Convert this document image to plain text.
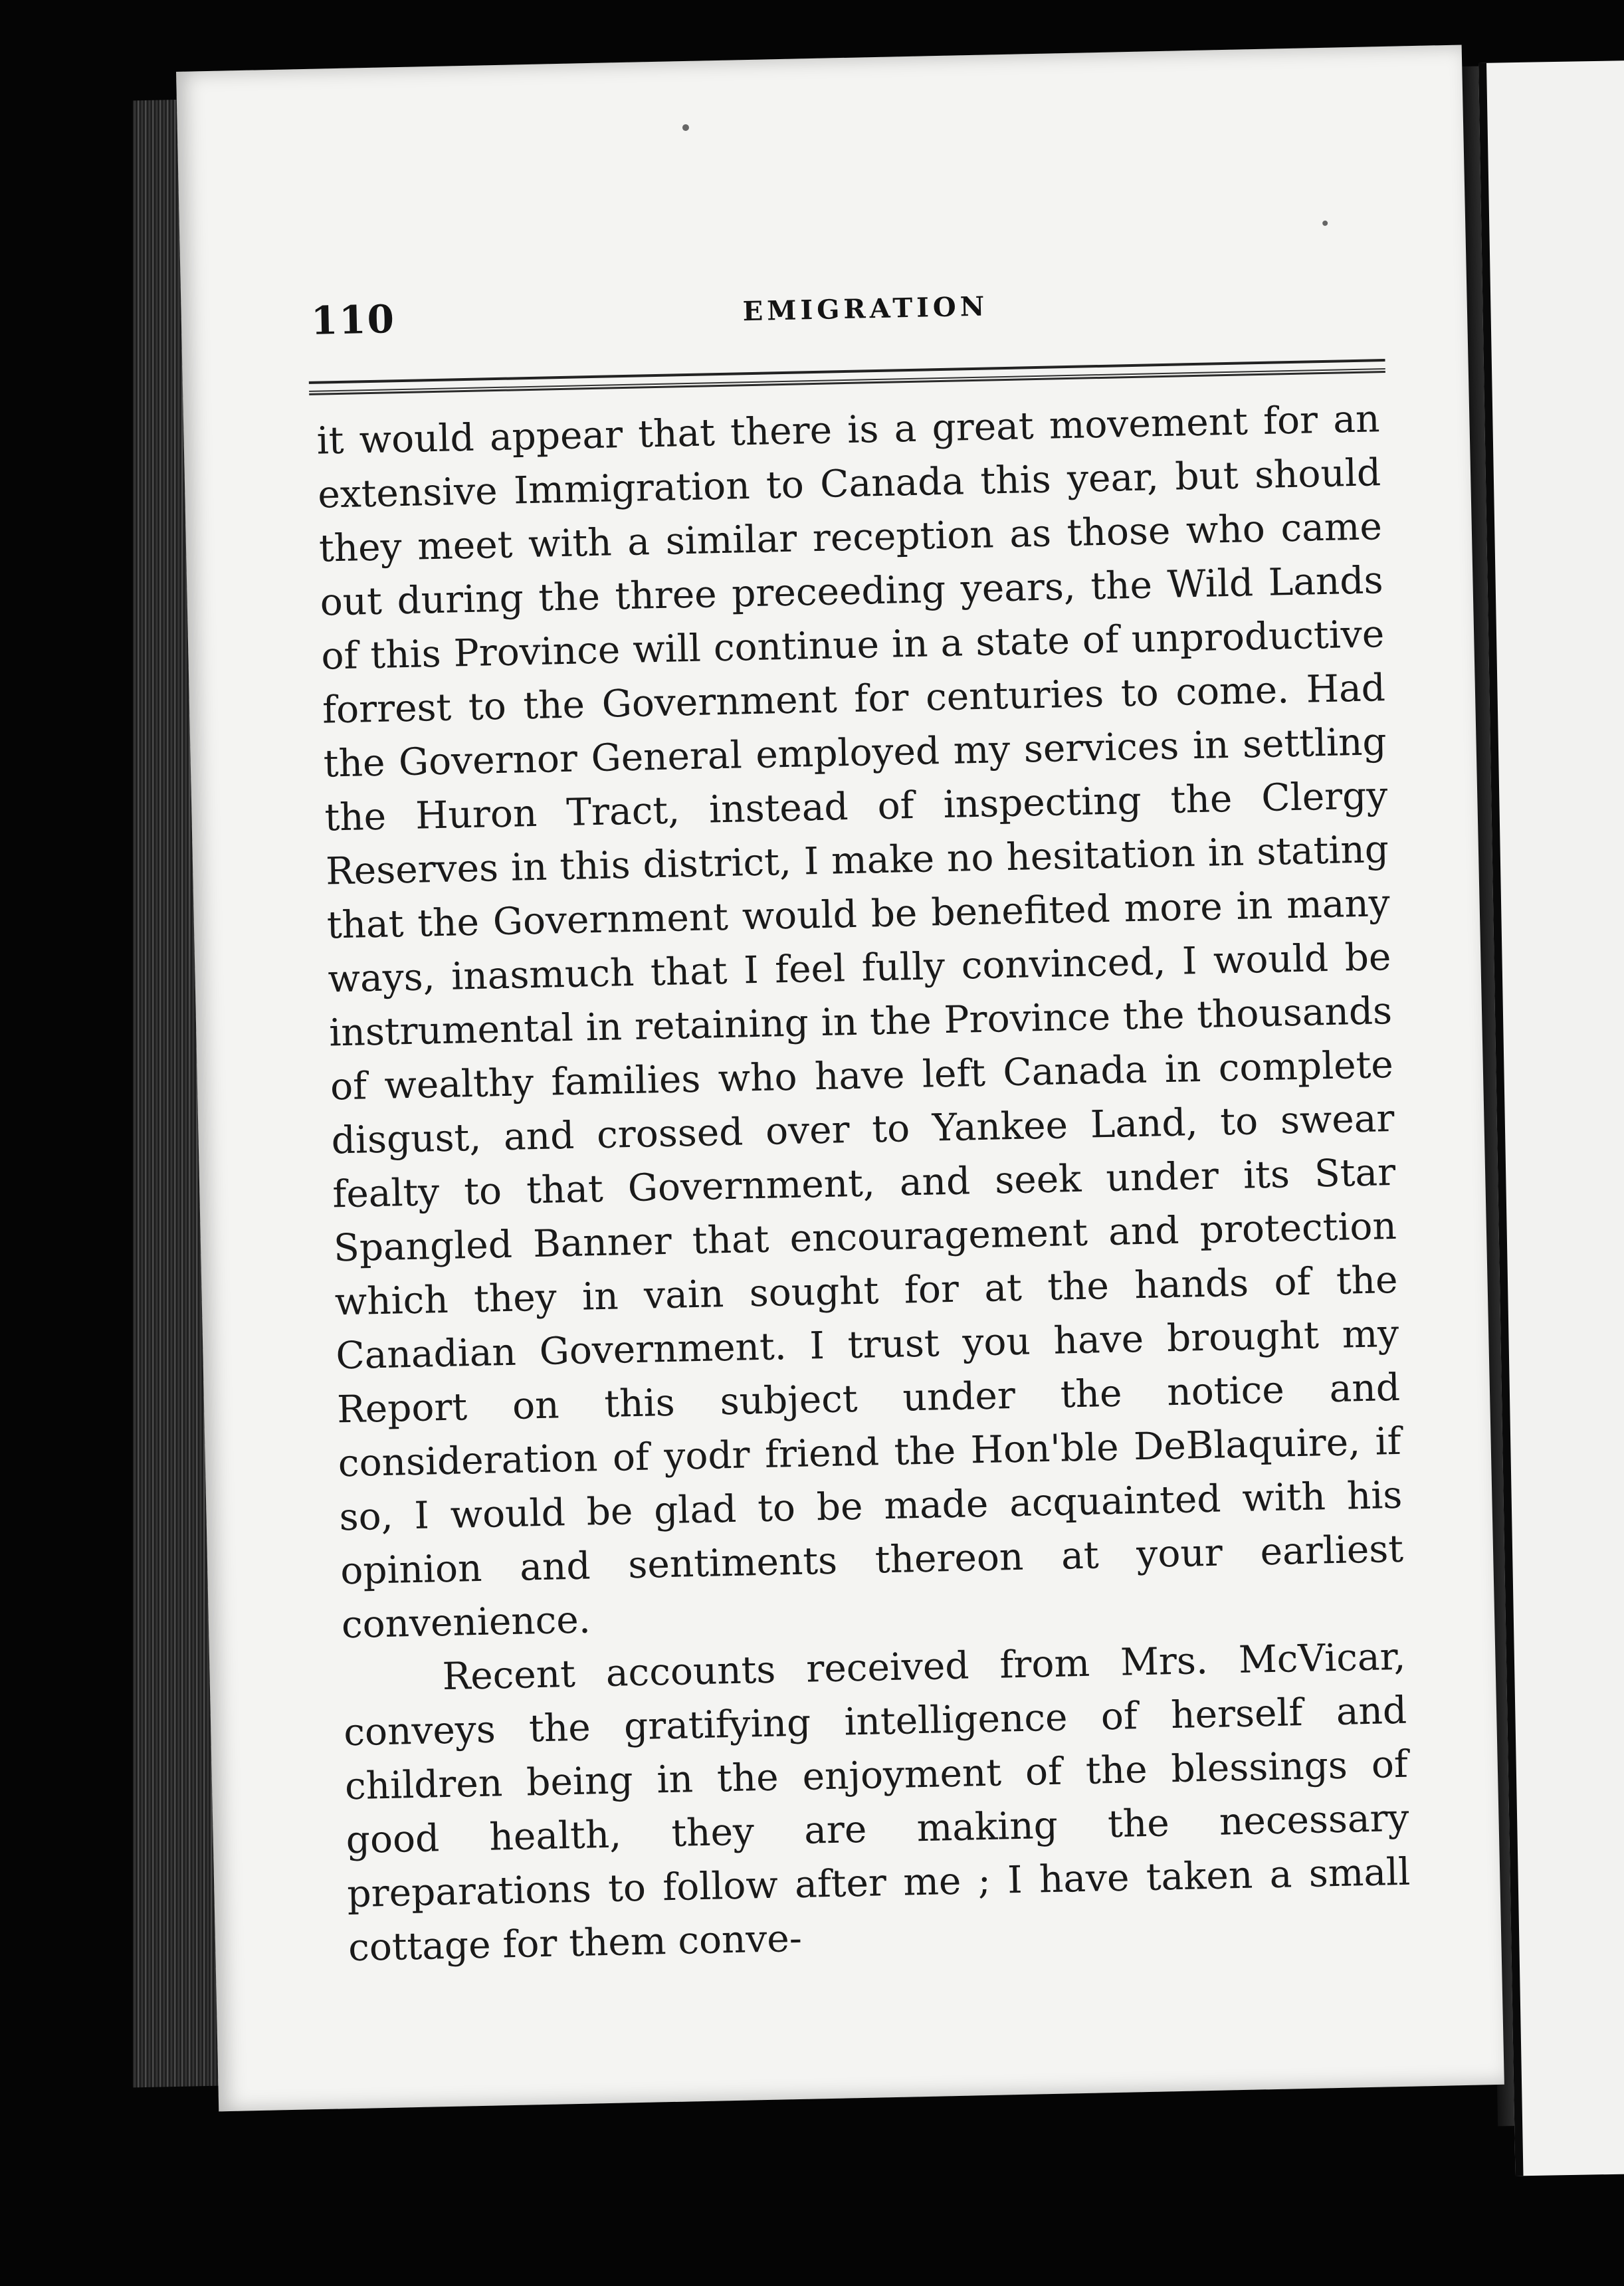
110	EMIGRATION

it would appear that there is a great movement for an extensive Immigration to Canada this year, but should they meet with a similar reception as those who came out during the three preceeding years, the Wild Lands of this Province will continue in a state of unproductive forrest to the Government for centuries to come. Had the Governor General employed my services in settling the Huron Tract, instead of inspecting the Clergy Reserves in this district, I make no hesitation in stating that the Government would be benefited more in many ways, inasmuch that I feel fully convinced, I would be instrumental in retaining in the Province the thousands of wealthy families who have left Canada in complete disgust, and crossed over to Yankee Land, to swear fealty to that Government, and seek under its Star Spangled Banner that encouragement and protection which they in vain sought for at the hands of the Canadian Government. I trust you have brought my Report on this subject under the notice and consideration of yodr friend the Hon'ble DeBlaquire, if so, I would be glad to be made acquainted with his opinion and sentiments thereon at your earliest convenience.

Recent accounts received from Mrs. McVicar, conveys the gratifying intelligence of herself and children being in the enjoyment of the blessings of good health, they are making the necessary preparations to follow after me ; I have taken a small cottage for them conve-
